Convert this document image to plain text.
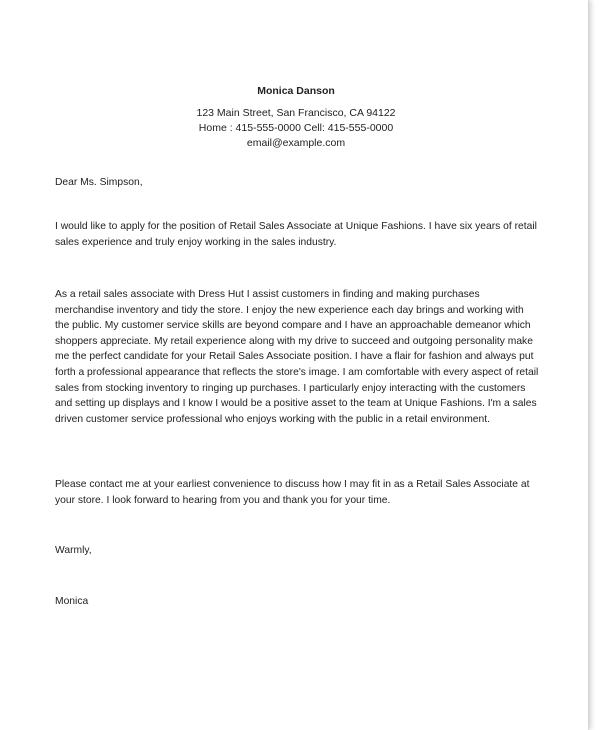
Monica Danson
123 Main Street, San Francisco, CA 94122
Home : 415-555-0000 Cell: 415-555-0000
email@example.com

Dear Ms. Simpson,

I would like to apply for the position of Retail Sales Associate at Unique Fashions. I have six years of retail sales experience and truly enjoy working in the sales industry.

As a retail sales associate with Dress Hut I assist customers in finding and making purchases merchandise inventory and tidy the store. I enjoy the new experience each day brings and working with the public. My customer service skills are beyond compare and I have an approachable demeanor which shoppers appreciate. My retail experience along with my drive to succeed and outgoing personality make me the perfect candidate for your Retail Sales Associate position. I have a flair for fashion and always put forth a professional appearance that reflects the store's image. I am comfortable with every aspect of retail sales from stocking inventory to ringing up purchases. I particularly enjoy interacting with the customers and setting up displays and I know I would be a positive asset to the team at Unique Fashions. I'm a sales driven customer service professional who enjoys working with the public in a retail environment.

Please contact me at your earliest convenience to discuss how I may fit in as a Retail Sales Associate at your store. I look forward to hearing from you and thank you for your time.

Warmly,

Monica
